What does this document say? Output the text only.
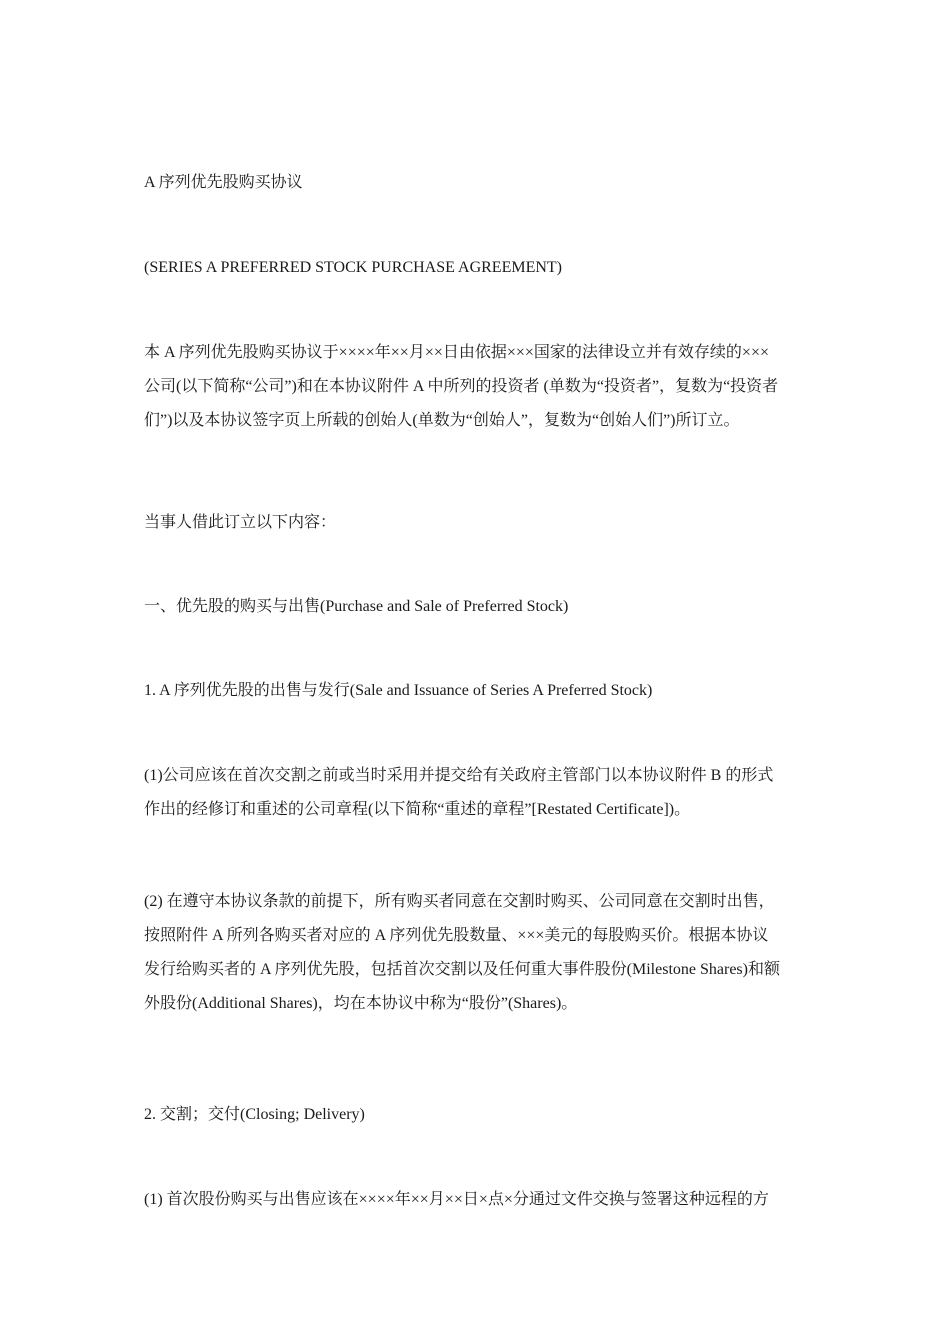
A 序列优先股购买协议

(SERIES A PREFERRED STOCK PURCHASE AGREEMENT)

本 A 序列优先股购买协议于××××年××月××日由依据×××国家的法律设立并有效存续的×××
公司(以下简称“公司”)和在本协议附件 A 中所列的投资者 (单数为“投资者”，复数为“投资者
们”)以及本协议签字页上所载的创始人(单数为“创始人”，复数为“创始人们”)所订立。

当事人借此订立以下内容：

一、优先股的购买与出售(Purchase and Sale of Preferred Stock)

1. A 序列优先股的出售与发行(Sale and Issuance of Series A Preferred Stock)

(1)公司应该在首次交割之前或当时采用并提交给有关政府主管部门以本协议附件 B 的形式
作出的经修订和重述的公司章程(以下简称“重述的章程”[Restated Certificate])。

(2) 在遵守本协议条款的前提下，所有购买者同意在交割时购买、公司同意在交割时出售，
按照附件 A 所列各购买者对应的 A 序列优先股数量、×××美元的每股购买价。根据本协议
发行给购买者的 A 序列优先股，包括首次交割以及任何重大事件股份(Milestone Shares)和额
外股份(Additional Shares)，均在本协议中称为“股份”(Shares)。

2. 交割；交付(Closing; Delivery)

(1) 首次股份购买与出售应该在××××年××月××日×点×分通过文件交换与签署这种远程的方
